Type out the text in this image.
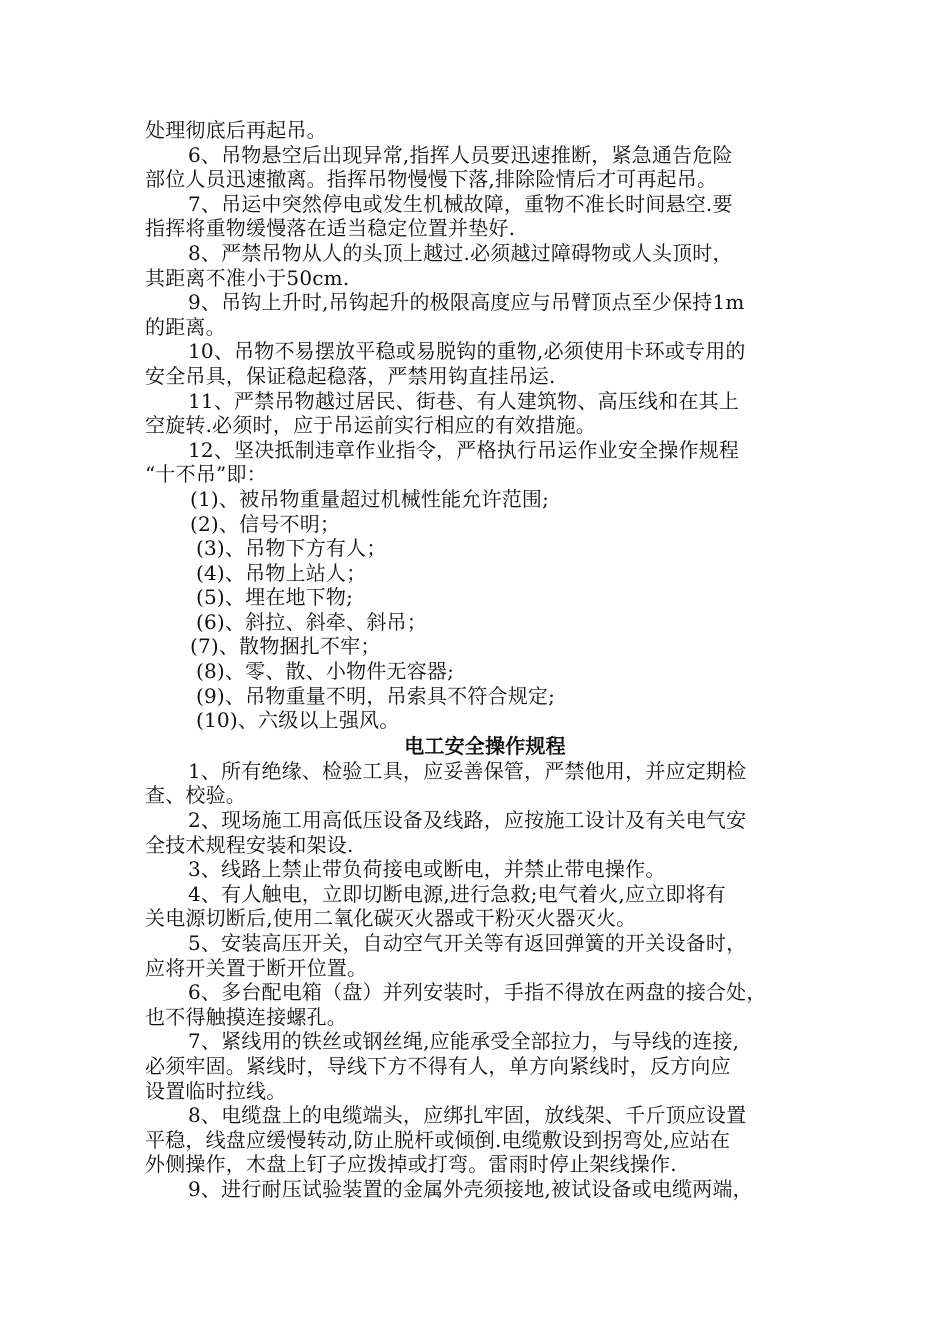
处理彻底后再起吊。
6、吊物悬空后出现异常,指挥人员要迅速推断，紧急通告危险
部位人员迅速撤离。指挥吊物慢慢下落,排除险情后才可再起吊。
7、吊运中突然停电或发生机械故障，重物不准长时间悬空.要
指挥将重物缓慢落在适当稳定位置并垫好.
8、严禁吊物从人的头顶上越过.必须越过障碍物或人头顶时，
其距离不准小于50cm.
9、吊钩上升时,吊钩起升的极限高度应与吊臂顶点至少保持1m
的距离。
10、吊物不易摆放平稳或易脱钩的重物,必须使用卡环或专用的
安全吊具，保证稳起稳落，严禁用钩直挂吊运.
11、严禁吊物越过居民、街巷、有人建筑物、高压线和在其上
空旋转.必须时，应于吊运前实行相应的有效措施。
12、坚决抵制违章作业指令，严格执行吊运作业安全操作规程
“十不吊”即：
(1)、被吊物重量超过机械性能允许范围;
(2)、信号不明；
(3)、吊物下方有人；
(4)、吊物上站人；
(5)、埋在地下物;
(6)、斜拉、斜牵、斜吊；
(7)、散物捆扎不牢；
(8)、零、散、小物件无容器;
(9)、吊物重量不明，吊索具不符合规定;
(10)、六级以上强风。
电工安全操作规程
1、所有绝缘、检验工具，应妥善保管，严禁他用，并应定期检
查、校验。
2、现场施工用高低压设备及线路，应按施工设计及有关电气安
全技术规程安装和架设.
3、线路上禁止带负荷接电或断电，并禁止带电操作。
4、有人触电，立即切断电源,进行急救;电气着火,应立即将有
关电源切断后,使用二氧化碳灭火器或干粉灭火器灭火。
5、安装高压开关，自动空气开关等有返回弹簧的开关设备时，
应将开关置于断开位置。
6、多台配电箱（盘）并列安装时，手指不得放在两盘的接合处，
也不得触摸连接螺孔。
7、紧线用的铁丝或钢丝绳,应能承受全部拉力，与导线的连接,
必须牢固。紧线时，导线下方不得有人，单方向紧线时，反方向应
设置临时拉线。
8、电缆盘上的电缆端头，应绑扎牢固，放线架、千斤顶应设置
平稳，线盘应缓慢转动,防止脱杆或倾倒.电缆敷设到拐弯处,应站在
外侧操作，木盘上钉子应拨掉或打弯。雷雨时停止架线操作.
9、进行耐压试验装置的金属外壳须接地,被试设备或电缆两端，
